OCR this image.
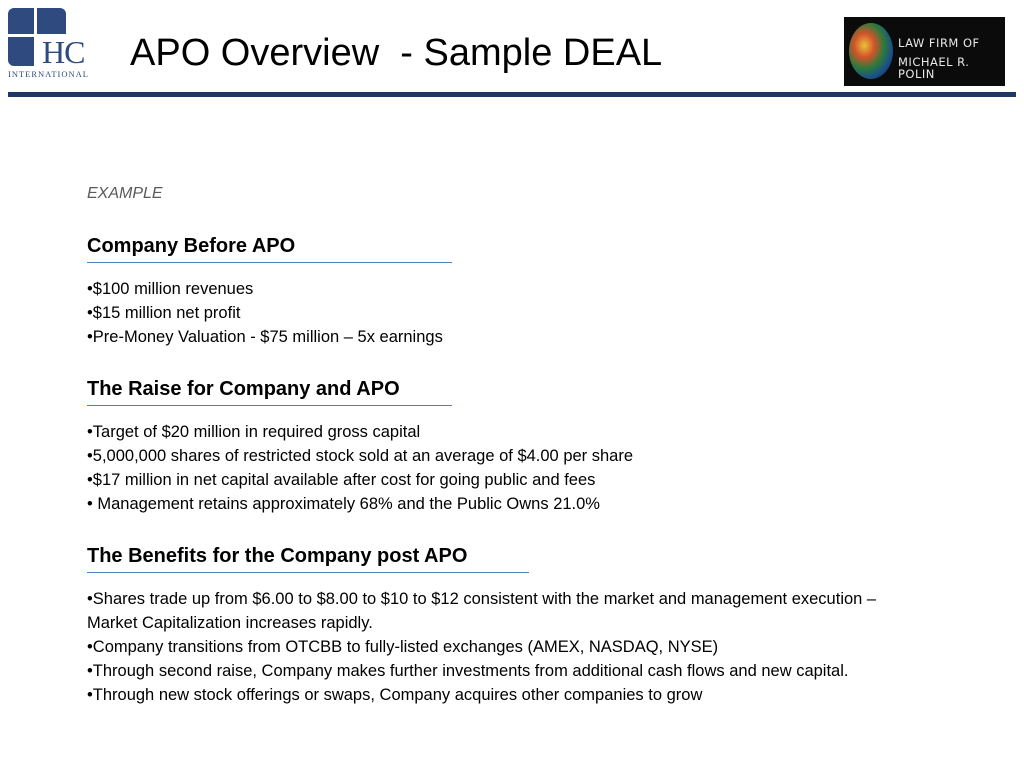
HC
INTERNATIONAL APO Overview  - Sample DEAL	LAW FIRM OF
MICHAEL R. POLIN

EXAMPLE

Company Before APO
•$100 million revenues
•$15 million net profit
•Pre-Money Valuation - $75 million – 5x earnings
The Raise for Company and APO
•Target of $20 million in required gross capital
•5,000,000 shares of restricted stock sold at an average of $4.00 per share
•$17 million in net capital available after cost for going public and fees
• Management retains approximately 68% and the Public Owns 21.0%
The Benefits for the Company post APO
•Shares trade up from $6.00 to $8.00 to $10 to $12 consistent with the market and management execution –
Market Capitalization increases rapidly.
•Company transitions from OTCBB to fully-listed exchanges (AMEX, NASDAQ, NYSE)
•Through second raise, Company makes further investments from additional cash flows and new capital.
•Through new stock offerings or swaps, Company acquires other companies to grow
